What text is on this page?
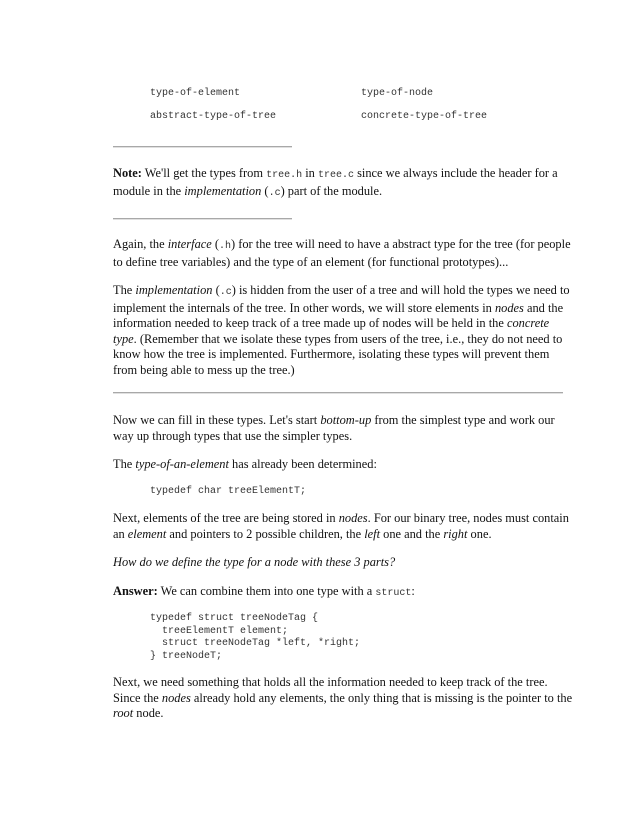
type-of-element	type-of-node
abstract-type-of-tree	concrete-type-of-tree

Note: We'll get the types from tree.h in tree.c since we always include the header for a module in the implementation (.c) part of the module.

Again, the interface (.h) for the tree will need to have a abstract type for the tree (for people to define tree variables) and the type of an element (for functional prototypes)...

The implementation (.c) is hidden from the user of a tree and will hold the types we need to implement the internals of the tree. In other words, we will store elements in nodes and the information needed to keep track of a tree made up of nodes will be held in the concrete type. (Remember that we isolate these types from users of the tree, i.e., they do not need to know how the tree is implemented. Furthermore, isolating these types will prevent them from being able to mess up the tree.)

Now we can fill in these types. Let's start bottom-up from the simplest type and work our way up through types that use the simpler types.

The type-of-an-element has already been determined:

typedef char treeElementT;

Next, elements of the tree are being stored in nodes. For our binary tree, nodes must contain an element and pointers to 2 possible children, the left one and the right one.

How do we define the type for a node with these 3 parts?

Answer: We can combine them into one type with a struct:

typedef struct treeNodeTag {
treeElementT element;
struct treeNodeTag *left, *right;
} treeNodeT;

Next, we need something that holds all the information needed to keep track of the tree. Since the nodes already hold any elements, the only thing that is missing is the pointer to the root node.
